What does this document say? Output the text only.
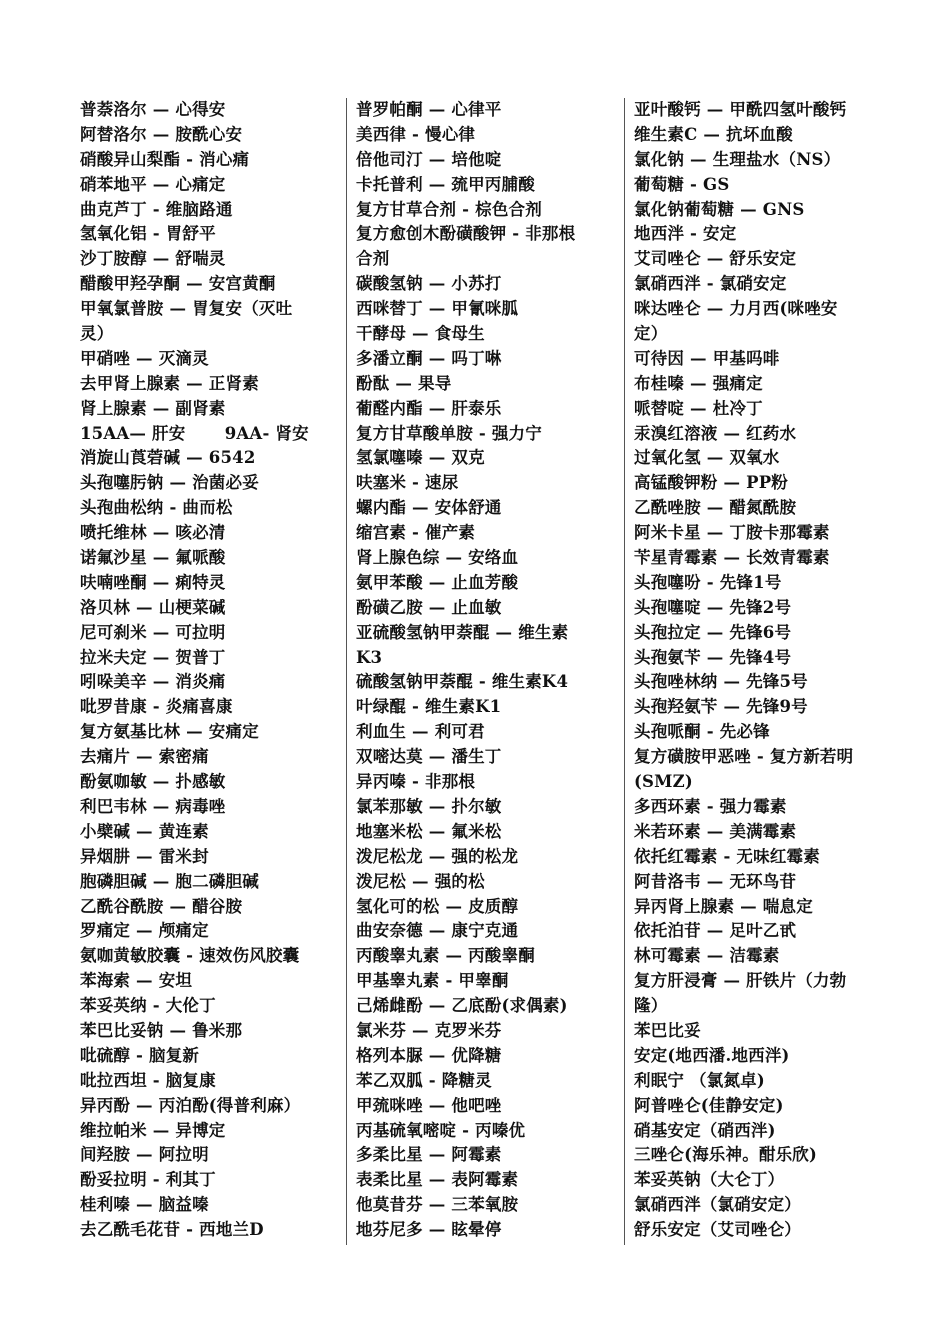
普萘洛尔 — 心得安
阿替洛尔 — 胺酰心安
硝酸异山梨酯 - 消心痛
硝苯地平 — 心痛定
曲克芦丁 - 维脑路通
氢氧化铝 - 胃舒平
沙丁胺醇 — 舒喘灵
醋酸甲羟孕酮 — 安宫黄酮
甲氧氯普胺 — 胃复安（灭吐
灵）
甲硝唑 — 灭滴灵
去甲肾上腺素 — 正肾素
肾上腺素 — 副肾素
15AA— 肝安　　 9AA- 肾安
消旋山莨菪碱 — 6542
头孢噻肟钠 — 治菌必妥
头孢曲松纳 - 曲而松
喷托维林 — 咳必清
诺氟沙星 — 氟哌酸
呋喃唑酮 — 痢特灵
洛贝林 — 山梗菜碱
尼可刹米 — 可拉明
拉米夫定 — 贺普丁
吲哚美辛 — 消炎痛
吡罗昔康 - 炎痛喜康
复方氨基比林 — 安痛定
去痛片 — 索密痛
酚氨咖敏 — 扑感敏
利巴韦林 — 病毒唑
小檗碱 — 黄连素
异烟肼 — 雷米封
胞磷胆碱 — 胞二磷胆碱
乙酰谷酰胺 — 醋谷胺
罗痛定 — 颅痛定
氨咖黄敏胶囊 - 速效伤风胶囊
苯海索 — 安坦
苯妥英纳 - 大伦丁
苯巴比妥钠 — 鲁米那
吡硫醇 - 脑复新
吡拉西坦 - 脑复康
异丙酚 — 丙泊酚(得普利麻）
维拉帕米 — 异博定
间羟胺 — 阿拉明
酚妥拉明 - 利其丁
桂利嗪 — 脑益嗪
去乙酰毛花苷 - 西地兰D
普罗帕酮 — 心律平
美西律 - 慢心律
倍他司汀 — 培他啶
卡托普利 — 巯甲丙脯酸
复方甘草合剂 - 棕色合剂
复方愈创木酚磺酸钾 - 非那根
合剂
碳酸氢钠 — 小苏打
西咪替丁 — 甲氰咪胍
干酵母 — 食母生
多潘立酮 — 吗丁啉
酚酞 — 果导
葡醛内酯 — 肝泰乐
复方甘草酸单胺 - 强力宁
氢氯噻嗪 — 双克
呋塞米 - 速尿
螺内酯 — 安体舒通
缩宫素 - 催产素
肾上腺色综 — 安络血
氨甲苯酸 — 止血芳酸
酚磺乙胺 — 止血敏
亚硫酸氢钠甲萘醌 — 维生素
K3
硫酸氢钠甲萘醌 - 维生素K4
叶绿醌 - 维生素K1
利血生 — 利可君
双嘧达莫 — 潘生丁
异丙嗪 - 非那根
氯苯那敏 — 扑尔敏
地塞米松 — 氟米松
泼尼松龙 — 强的松龙
泼尼松 — 强的松
氢化可的松 — 皮质醇
曲安奈德 — 康宁克通
丙酸睾丸素 — 丙酸睾酮
甲基睾丸素 - 甲睾酮
己烯雌酚 — 乙底酚(求偶素)
氯米芬 — 克罗米芬
格列本脲 — 优降糖
苯乙双胍 - 降糖灵
甲巯咪唑 — 他吧唑
丙基硫氧嘧啶 - 丙嗪优
多柔比星 — 阿霉素
表柔比星 — 表阿霉素
他莫昔芬 — 三苯氧胺
地芬尼多 — 眩晕停
亚叶酸钙 — 甲酰四氢叶酸钙
维生素C — 抗坏血酸
氯化钠 — 生理盐水（NS）
葡萄糖 - GS
氯化钠葡萄糖 — GNS
地西泮 - 安定
艾司唑仑 — 舒乐安定
氯硝西泮 - 氯硝安定
咪达唑仑 — 力月西(咪唑安
定）
可待因 — 甲基吗啡
布桂嗪 — 强痛定
哌替啶 — 杜冷丁
汞溴红溶液 — 红药水
过氧化氢 — 双氧水
高锰酸钾粉 — PP粉
乙酰唑胺 — 醋氮酰胺
阿米卡星 — 丁胺卡那霉素
苄星青霉素 — 长效青霉素
头孢噻吩 - 先锋1号
头孢噻啶 — 先锋2号
头孢拉定 — 先锋6号
头孢氨苄 — 先锋4号
头孢唑林纳 — 先锋5号
头孢羟氨苄 — 先锋9号
头孢哌酮 - 先必锋
复方磺胺甲恶唑 - 复方新若明
(SMZ)
多西环素 - 强力霉素
米若环素 — 美满霉素
依托红霉素 - 无味红霉素
阿昔洛韦 — 无环鸟苷
异丙肾上腺素 — 喘息定
依托泊苷 — 足叶乙甙
林可霉素 — 洁霉素
复方肝浸膏 — 肝铁片（力勃
隆）
苯巴比妥
安定(地西潘.地西泮)
利眠宁 （氯氮卓)
阿普唑仑(佳静安定)
硝基安定（硝西泮)
三唑仑(海乐神。酣乐欣)
苯妥英钠（大仑丁）
氯硝西泮（氯硝安定）
舒乐安定（艾司唑仑）
